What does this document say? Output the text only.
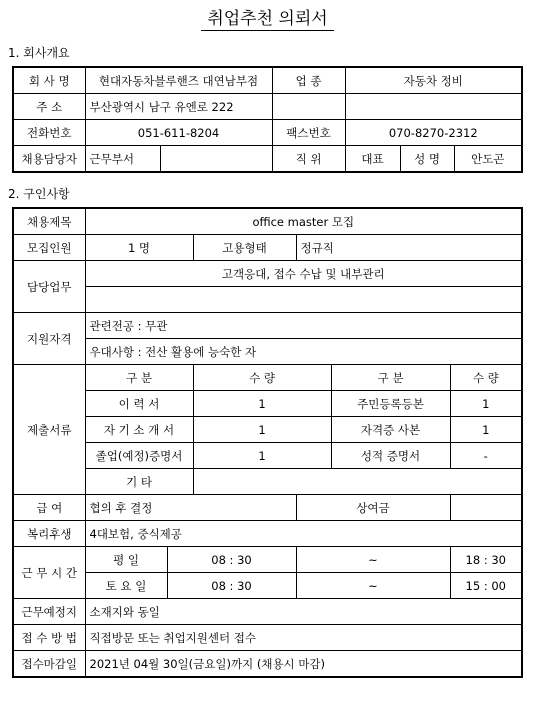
취업추천 의뢰서
1. 회사개요
회 사 명	현대자동차블루핸즈 대연남부점		업 종	자동차 정비		
주 소	부산광역시 남구 유엔로 222					
전화번호	051-611-8204		팩스번호	070-8270-2312		
채용담당자	근무부서		직 위	대표	성 명	안도곤
2. 구인사항
채용제목	office master 모집					
모집인원	1 명		고용형태	정규직		
담당업무	고객응대, 접수 수납 및 내부관리					

지원자격	관련전공 : 무관					
	우대사항 : 전산 활용에 능숙한 자					
제출서류	구 분		수 량		구 분	수 량
	이 력 서		1		주민등록등본	1
	자 기 소 개 서		1		자격증 사본	1
	졸업(예정)증명서		1		성적 증명서	-
	기 타					
급 여	협의 후 결정			상여금		
복리후생	4대보험, 중식제공					
근 무 시 간	평 일	08 : 30		~		18 : 30
	토 요 일	08 : 30		~		15 : 00
근무예정지	소재지와 동일					
접 수 방 법	직접방문 또는 취업지원센터 접수					
접수마감일	2021년 04월 30일(금요일)까지 (채용시 마감)					
